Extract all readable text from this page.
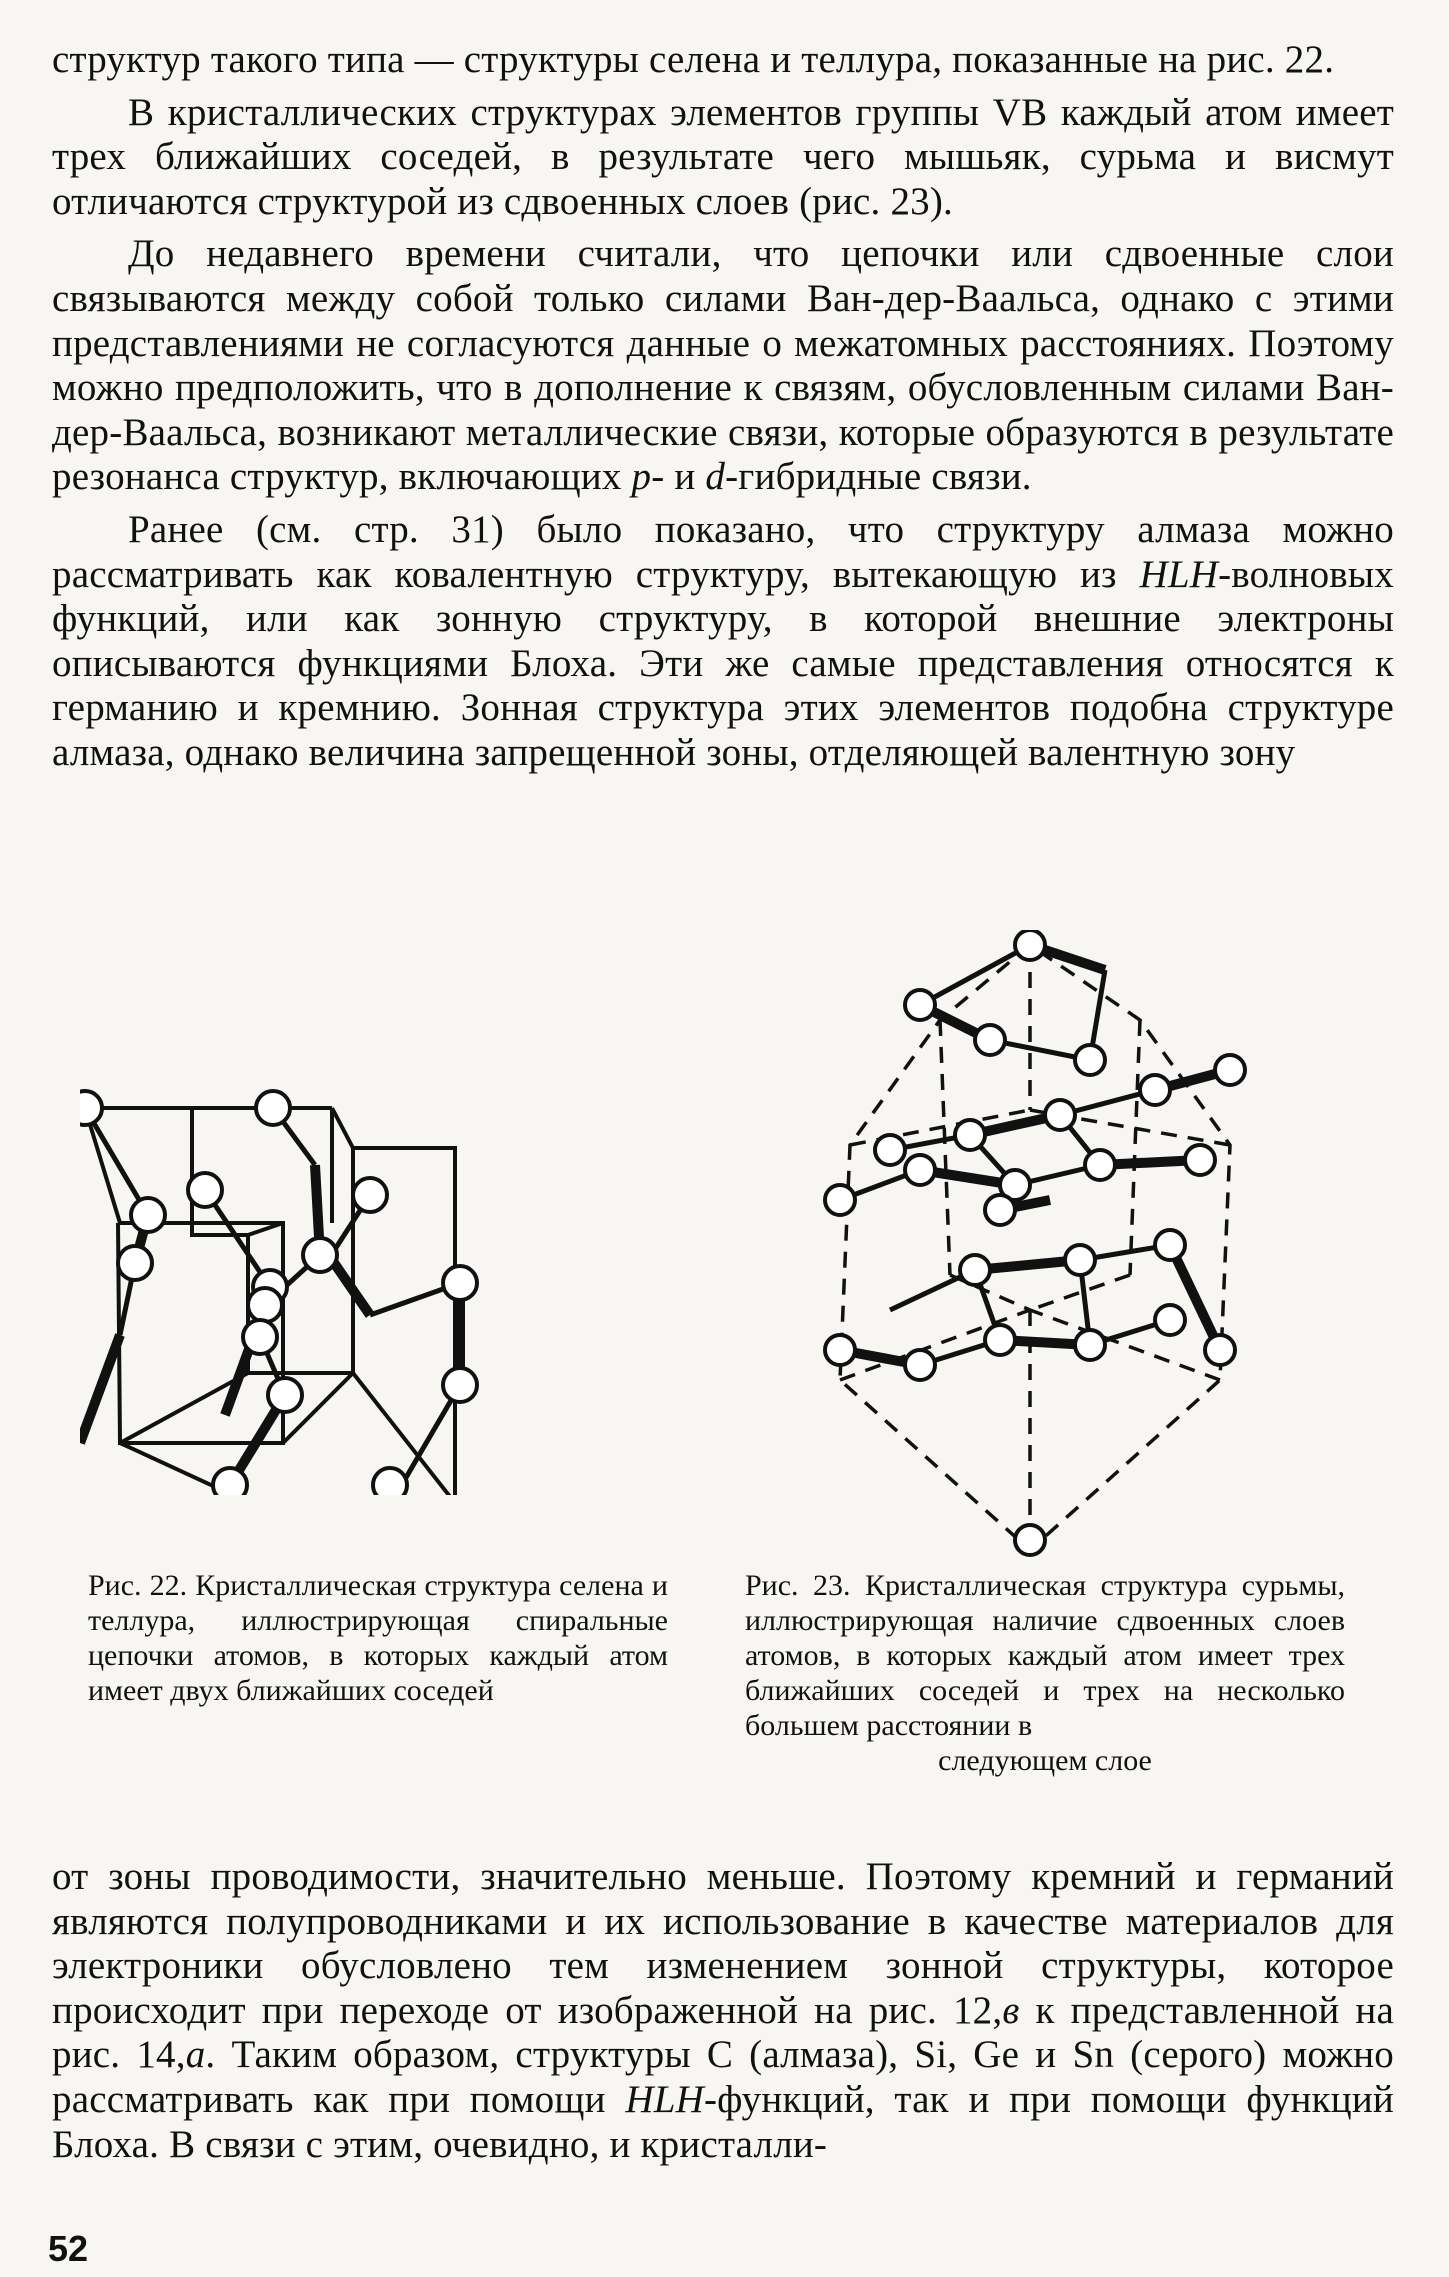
структур такого типа — структуры селена и теллура, показанные на рис. 22.

В кристаллических структурах элементов группы VB каждый атом имеет трех ближайших соседей, в результате чего мышьяк, сурьма и висмут отличаются структурой из сдвоенных слоев (рис. 23).

До недавнего времени считали, что цепочки или сдвоенные слои связываются между собой только силами Ван-дер-Ваальса, однако с этими представлениями не согласуются данные о межатомных расстояниях. Поэтому можно предположить, что в дополнение к связям, обусловленным силами Ван-дер-Ваальса, возникают металлические связи, которые образуются в результате резонанса структур, включающих p- и d-гибридные связи.

Ранее (см. стр. 31) было показано, что структуру алмаза можно рассматривать как ковалентную структуру, вытекающую из HLH-волновых функций, или как зонную структуру, в которой внешние электроны описываются функциями Блоха. Эти же самые представления относятся к германию и кремнию. Зонная структура этих элементов подобна структуре алмаза, однако величина запрещенной зоны, отделяющей валентную зону

Рис. 22. Кристаллическая структура селена и теллура, иллюстрирующая спиральные цепочки атомов, в которых каждый атом имеет двух ближайших соседей
Рис. 23. Кристаллическая структура сурьмы, иллюстрирующая наличие сдвоенных слоев атомов, в которых каждый атом имеет трех ближайших соседей и трех на несколько большем расстоянии в
следующем слое

от зоны проводимости, значительно меньше. Поэтому кремний и германий являются полупроводниками и их использование в качестве материалов для электроники обусловлено тем изменением зонной структуры, которое происходит при переходе от изображенной на рис. 12,в к представленной на рис. 14,а. Таким образом, структуры C (алмаза), Si, Ge и Sn (серого) можно рассматривать как при помощи HLH-функций, так и при помощи функций Блоха. В связи с этим, очевидно, и кристалли-

52
